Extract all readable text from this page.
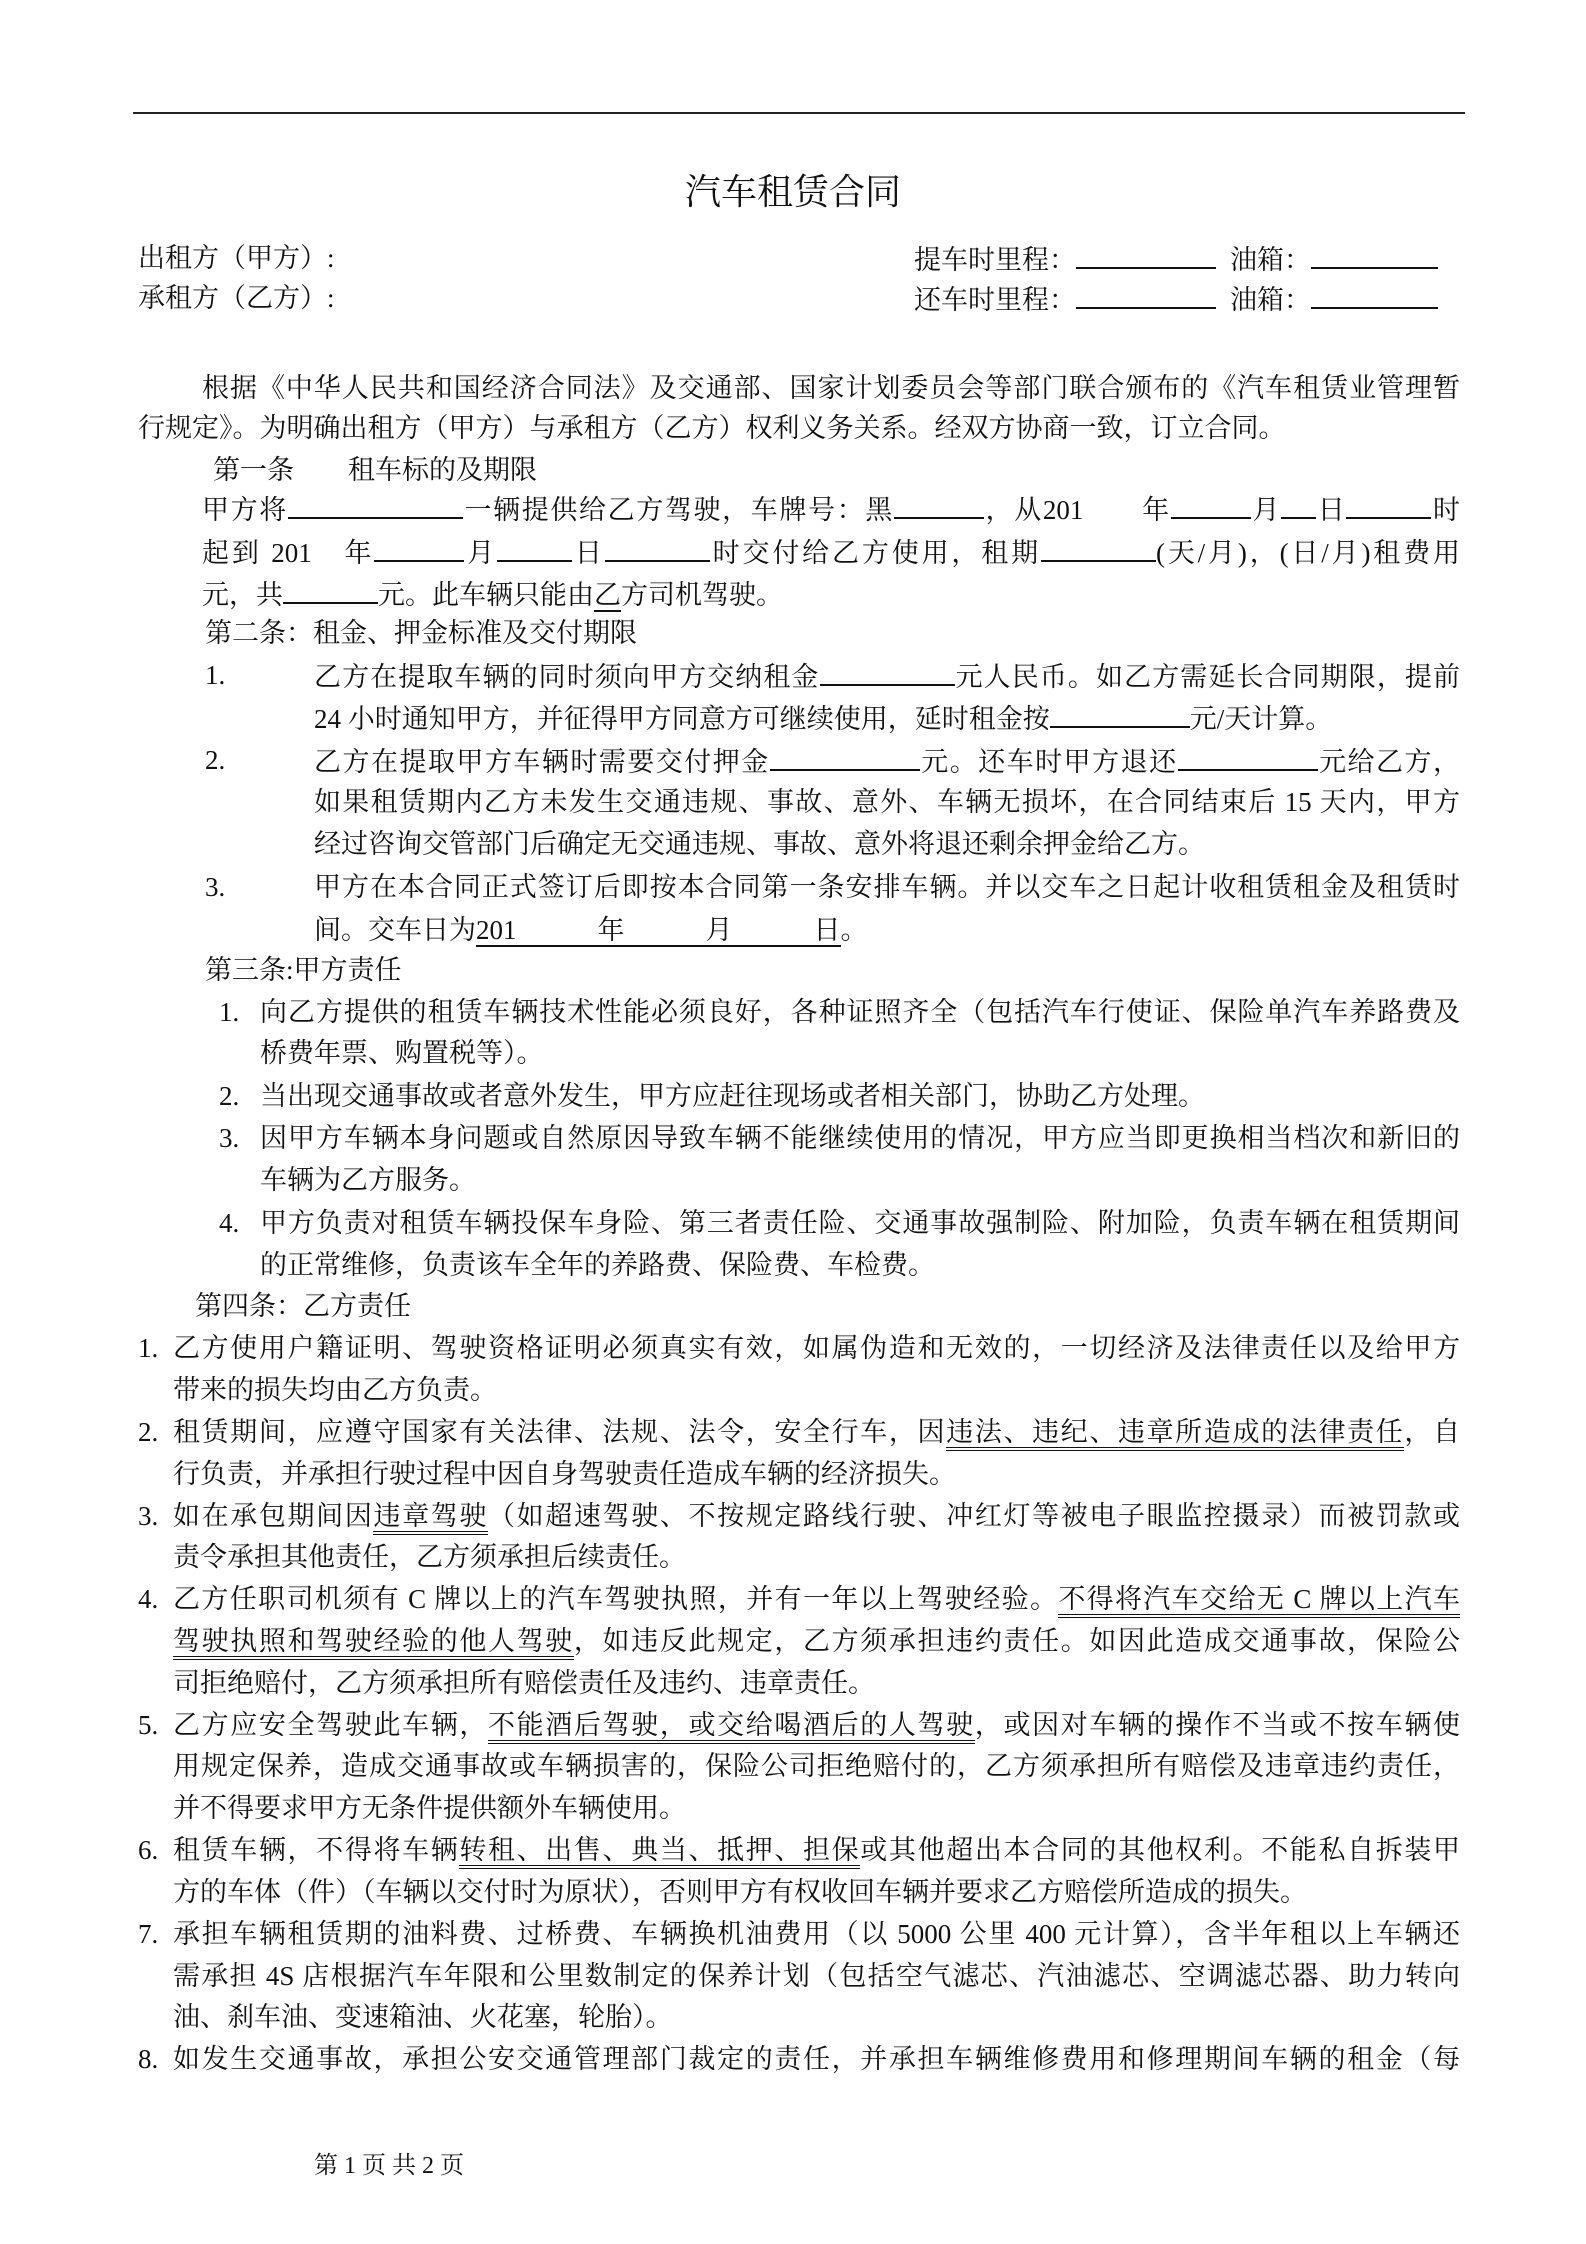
汽车租赁合同
出租方（甲方）:
承租方（乙方）:
提车时里程：	油箱：
还车时里程：	油箱：
根据《中华人民共和国经济合同法》及交通部、国家计划委员会等部门联合颁布的《汽车租赁业管理暂
行规定》。为明确出租方（甲方）与承租方（乙方）权利义务关系。经双方协商一致，订立合同。
第一条　　租车标的及期限
甲方将	一辆提供给乙方驾驶，车牌号：黑	，从201　　年	月 日	时
起到 201　年	月	日	时交付给乙方使用，租期	(天/月)，(日/月)租费用
元，共	元。此车辆只能由乙方司机驾驶。
第二条：租金、押金标准及交付期限
1.	乙方在提取车辆的同时须向甲方交纳租金	元人民币。如乙方需延长合同期限，提前
24 小时通知甲方，并征得甲方同意方可继续使用，延时租金按	元/天计算。
2.	乙方在提取甲方车辆时需要交付押金	元。还车时甲方退还	元给乙方，
如果租赁期内乙方未发生交通违规、事故、意外、车辆无损坏，在合同结束后 15 天内，甲方
经过咨询交管部门后确定无交通违规、事故、意外将退还剩余押金给乙方。
3.	甲方在本合同正式签订后即按本合同第一条安排车辆。并以交车之日起计收租赁租金及租赁时
间。交车日为201　　　年　　　月　　　日。
第三条:甲方责任
1. 向乙方提供的租赁车辆技术性能必须良好，各种证照齐全（包括汽车行使证、保险单汽车养路费及
桥费年票、购置税等）。
2. 当出现交通事故或者意外发生，甲方应赶往现场或者相关部门，协助乙方处理。
3. 因甲方车辆本身问题或自然原因导致车辆不能继续使用的情况，甲方应当即更换相当档次和新旧的
车辆为乙方服务。
4. 甲方负责对租赁车辆投保车身险、第三者责任险、交通事故强制险、附加险，负责车辆在租赁期间
的正常维修，负责该车全年的养路费、保险费、车检费。
第四条：乙方责任
1. 乙方使用户籍证明、驾驶资格证明必须真实有效，如属伪造和无效的，一切经济及法律责任以及给甲方
带来的损失均由乙方负责。
2. 租赁期间，应遵守国家有关法律、法规、法令，安全行车，因违法、违纪、违章所造成的法律责任，自
行负责，并承担行驶过程中因自身驾驶责任造成车辆的经济损失。
3. 如在承包期间因违章驾驶（如超速驾驶、不按规定路线行驶、冲红灯等被电子眼监控摄录）而被罚款或
责令承担其他责任，乙方须承担后续责任。
4. 乙方任职司机须有 C 牌以上的汽车驾驶执照，并有一年以上驾驶经验。不得将汽车交给无 C 牌以上汽车
驾驶执照和驾驶经验的他人驾驶，如违反此规定，乙方须承担违约责任。如因此造成交通事故，保险公
司拒绝赔付，乙方须承担所有赔偿责任及违约、违章责任。
5. 乙方应安全驾驶此车辆，不能酒后驾驶，或交给喝酒后的人驾驶，或因对车辆的操作不当或不按车辆使
用规定保养，造成交通事故或车辆损害的，保险公司拒绝赔付的，乙方须承担所有赔偿及违章违约责任，
并不得要求甲方无条件提供额外车辆使用。
6. 租赁车辆，不得将车辆转租、出售、典当、抵押、担保或其他超出本合同的其他权利。不能私自拆装甲
方的车体（件）（车辆以交付时为原状），否则甲方有权收回车辆并要求乙方赔偿所造成的损失。
7. 承担车辆租赁期的油料费、过桥费、车辆换机油费用（以 5000 公里 400 元计算），含半年租以上车辆还
需承担 4S 店根据汽车年限和公里数制定的保养计划（包括空气滤芯、汽油滤芯、空调滤芯器、助力转向
油、刹车油、变速箱油、火花塞，轮胎）。
8. 如发生交通事故，承担公安交通管理部门裁定的责任，并承担车辆维修费用和修理期间车辆的租金（每
第 1 页 共 2 页
